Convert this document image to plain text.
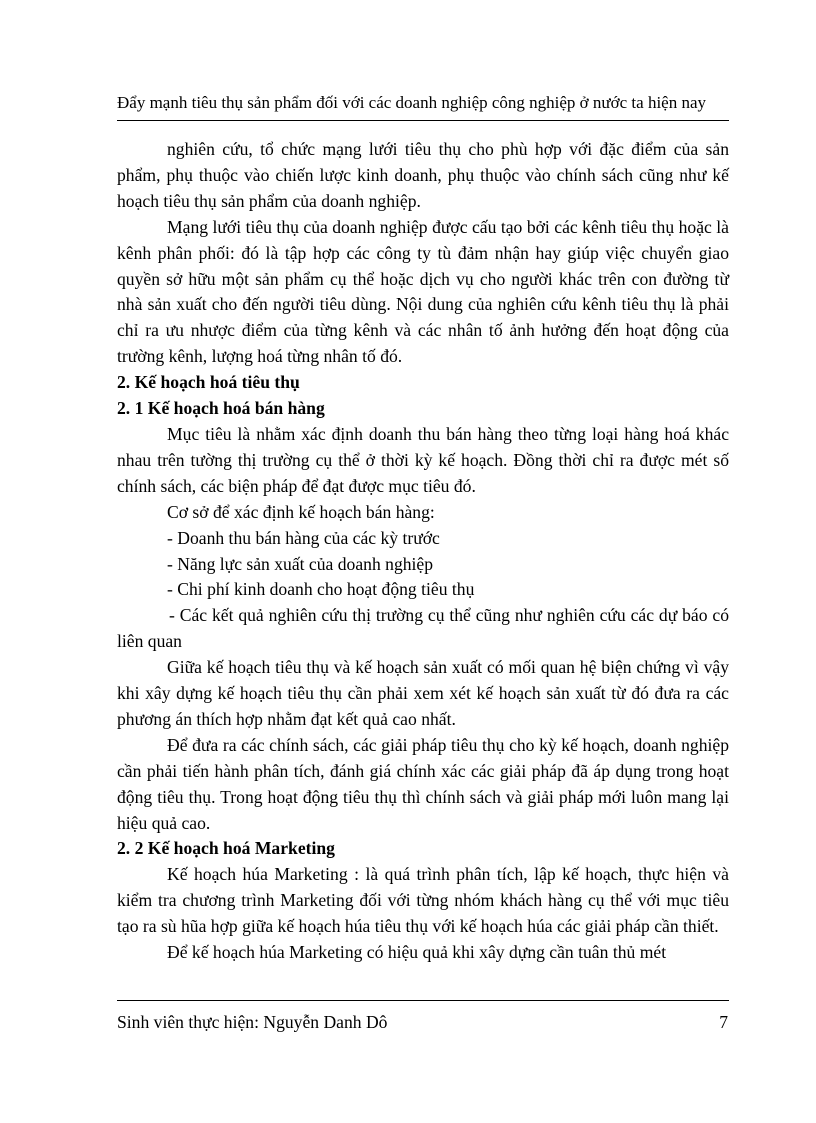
Đẩy mạnh tiêu thụ sản phẩm đối với các doanh nghiệp công nghiệp ở nước ta hiện nay

nghiên cứu, tổ chức mạng lưới tiêu thụ cho phù hợp với đặc điểm của sản phẩm, phụ thuộc vào chiến lược kinh doanh, phụ thuộc vào chính sách cũng như kế hoạch tiêu thụ sản phẩm của doanh nghiệp.

Mạng lưới tiêu thụ của doanh nghiệp được cấu tạo bởi các kênh tiêu thụ hoặc là kênh phân phối: đó là tập hợp các công ty tù đảm nhận hay giúp việc chuyển giao quyền sở hữu một sản phẩm cụ thể hoặc dịch vụ cho người khác trên con đường từ nhà sản xuất cho đến người tiêu dùng. Nội dung của nghiên cứu kênh tiêu thụ là phải chỉ ra ưu nhược điểm của từng kênh và các nhân tố ảnh hưởng đến hoạt động của trường kênh, lượng hoá từng nhân tố đó.

2. Kế hoạch hoá tiêu thụ

2. 1 Kế hoạch hoá bán hàng

Mục tiêu là nhằm xác định doanh thu bán hàng theo từng loại hàng hoá khác nhau trên tường thị trường cụ thể ở thời kỳ kế hoạch. Đồng thời chỉ ra được mét số chính sách, các biện pháp để đạt được mục tiêu đó.

Cơ sở để xác định kế hoạch bán hàng:

- Doanh thu bán hàng của các kỳ trước

- Năng lực sản xuất của doanh nghiệp

- Chi phí kinh doanh cho hoạt động tiêu thụ

- Các kết quả nghiên cứu thị trường cụ thể cũng như nghiên cứu các dự báo có liên quan

Giữa kế hoạch tiêu thụ và kế hoạch sản xuất có mối quan hệ biện chứng vì vậy khi xây dựng kế hoạch tiêu thụ cần phải xem xét kế hoạch sản xuất từ đó đưa ra các phương án thích hợp nhằm đạt kết quả cao nhất.

Để đưa ra các chính sách, các giải pháp tiêu thụ cho kỳ kế hoạch, doanh nghiệp cần phải tiến hành phân tích, đánh giá chính xác các giải pháp đã áp dụng trong hoạt động tiêu thụ. Trong hoạt động tiêu thụ thì chính sách và giải pháp mới luôn mang lại hiệu quả cao.

2. 2 Kế hoạch hoá Marketing

Kế hoạch húa Marketing : là quá trình phân tích, lập kế hoạch, thực hiện và kiểm tra chương trình Marketing đối với từng nhóm khách hàng cụ thể với mục tiêu tạo ra sù hũa hợp giữa kế hoạch húa tiêu thụ với kế hoạch húa các giải pháp cần thiết.

Để kế hoạch húa Marketing có hiệu quả khi xây dựng cần tuân thủ mét

Sinh viên thực hiện: Nguyễn Danh Dô	7
